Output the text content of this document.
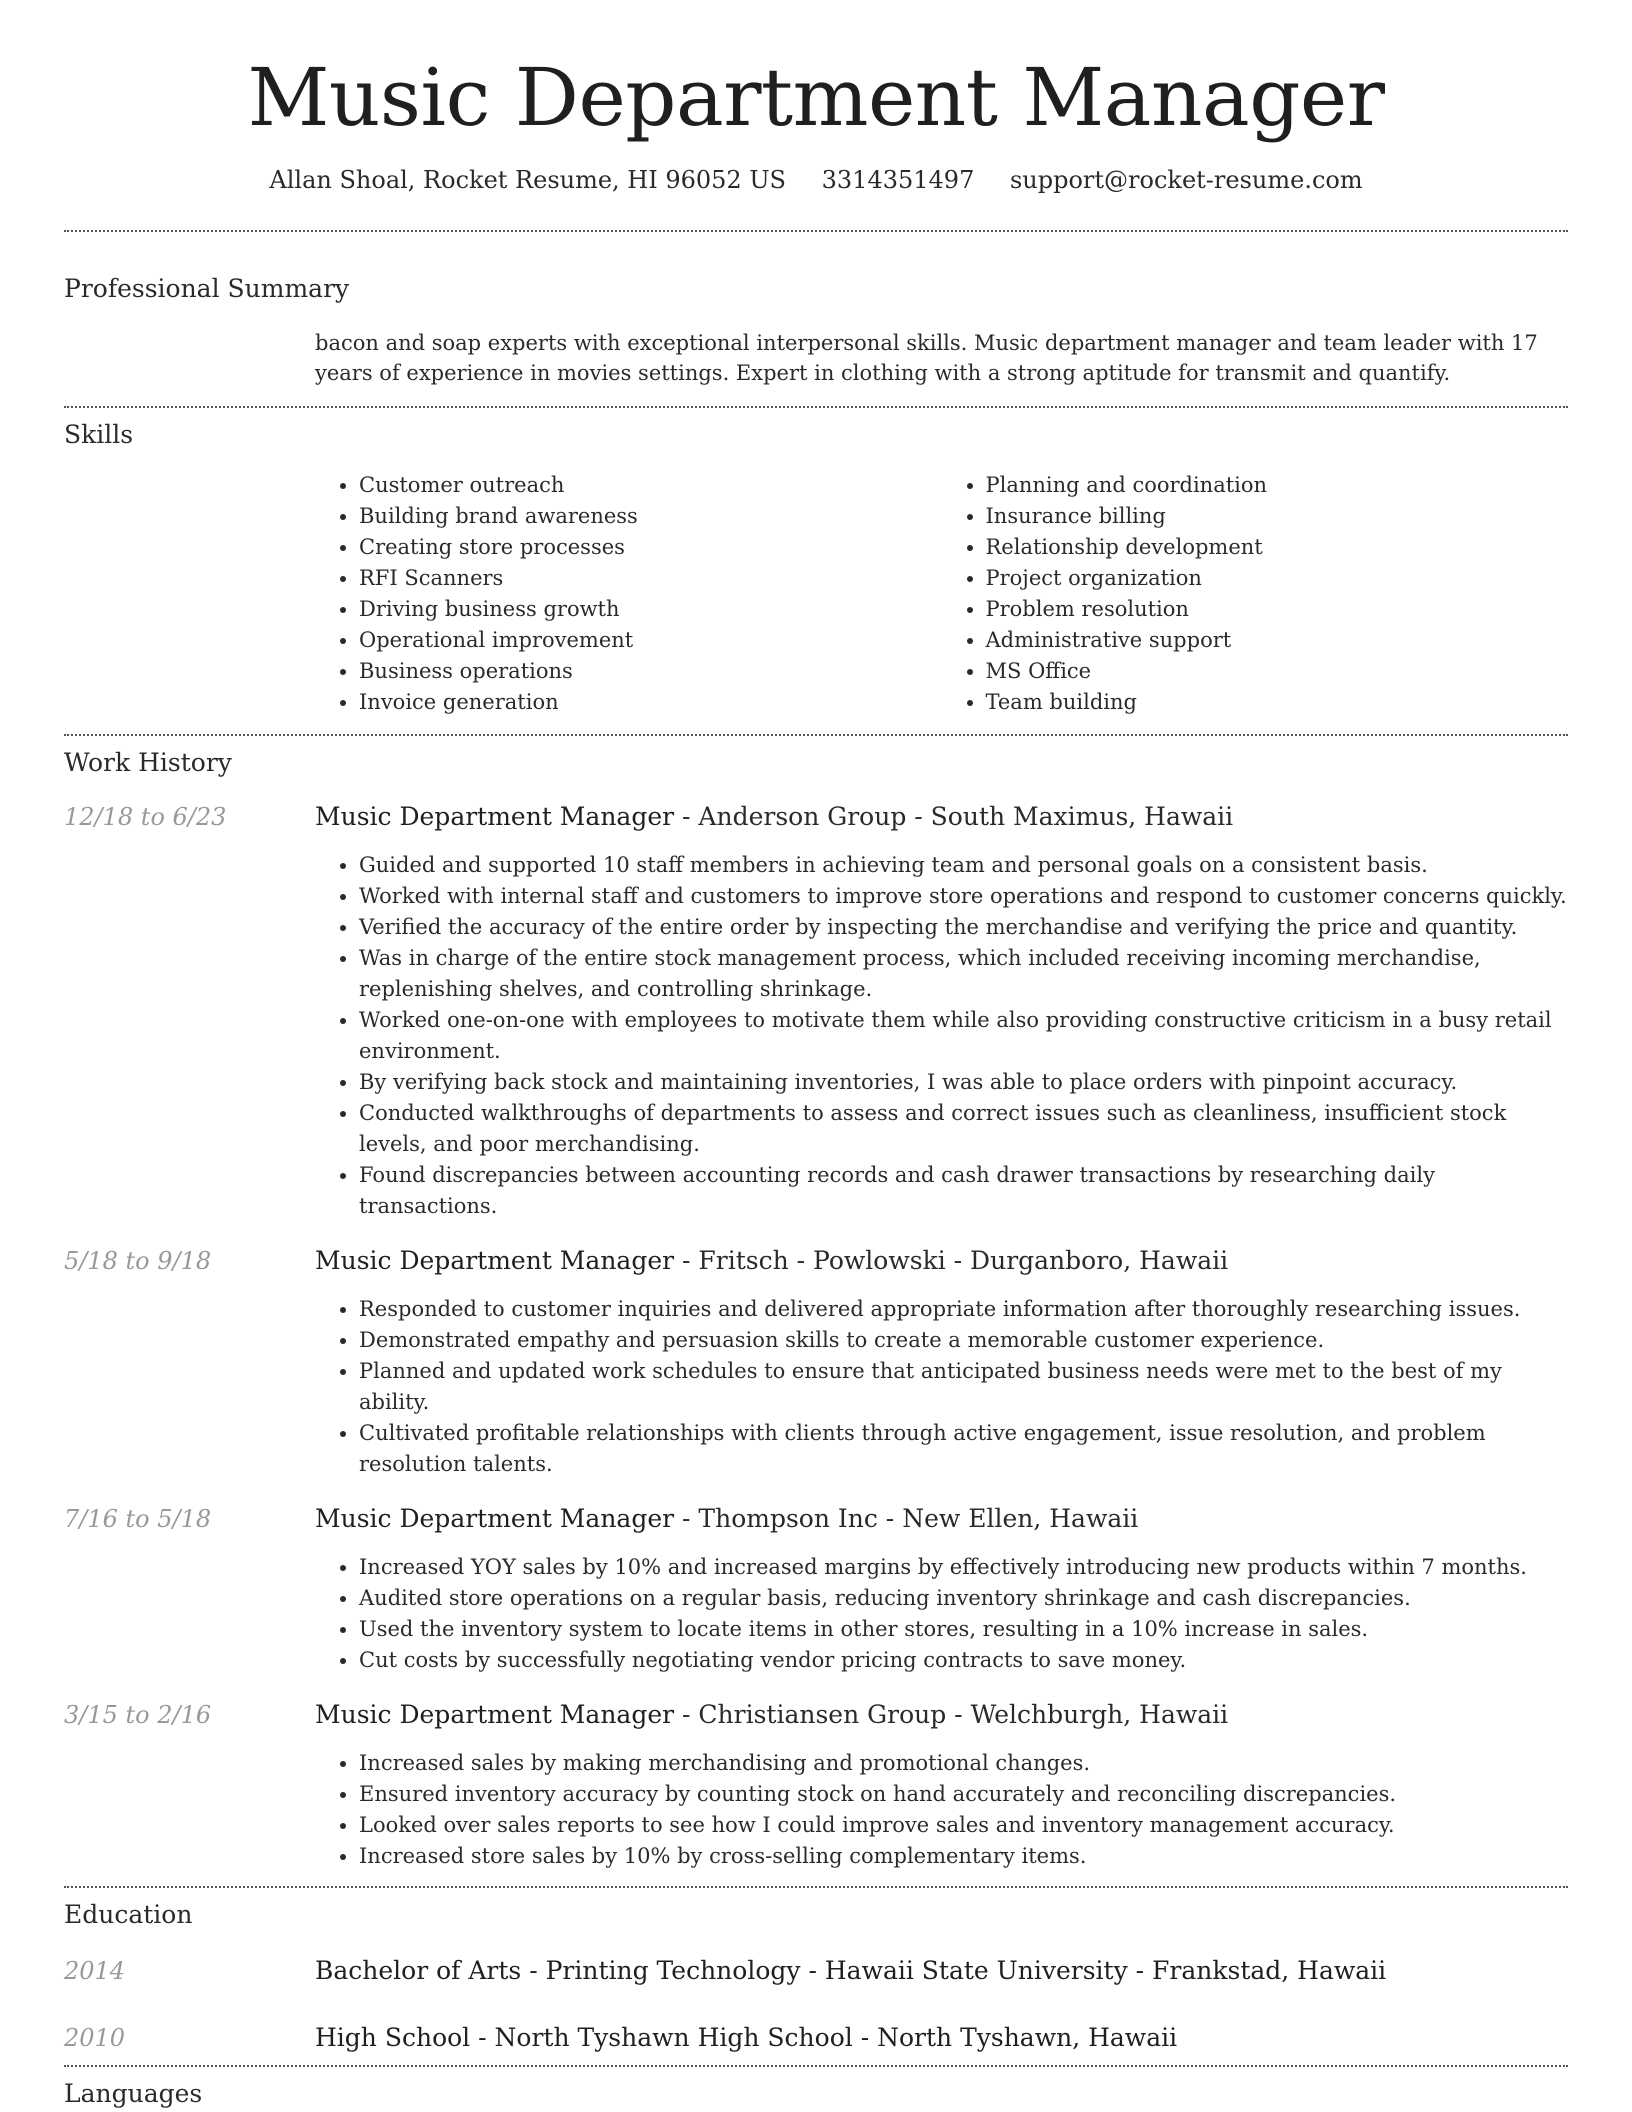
Music Department Manager
Allan Shoal, Rocket Resume, HI 96052 US 3314351497 support@rocket-resume.com
Professional Summary
bacon and soap experts with exceptional interpersonal skills. Music department manager and team leader with 17 years of experience in movies settings. Expert in clothing with a strong aptitude for transmit and quantify.
Skills
• Customer outreach
• Building brand awareness
• Creating store processes
• RFI Scanners
• Driving business growth
• Operational improvement
• Business operations
• Invoice generation
• Planning and coordination
• Insurance billing
• Relationship development
• Project organization
• Problem resolution
• Administrative support
• MS Office
• Team building
Work History
12/18 to 6/23	Music Department Manager - Anderson Group - South Maximus, Hawaii
• Guided and supported 10 staff members in achieving team and personal goals on a consistent basis.
• Worked with internal staff and customers to improve store operations and respond to customer concerns quickly.
• Verified the accuracy of the entire order by inspecting the merchandise and verifying the price and quantity.
• Was in charge of the entire stock management process, which included receiving incoming merchandise, replenishing shelves, and controlling shrinkage.
• Worked one-on-one with employees to motivate them while also providing constructive criticism in a busy retail environment.
• By verifying back stock and maintaining inventories, I was able to place orders with pinpoint accuracy.
• Conducted walkthroughs of departments to assess and correct issues such as cleanliness, insufficient stock levels, and poor merchandising.
• Found discrepancies between accounting records and cash drawer transactions by researching daily transactions.
5/18 to 9/18	Music Department Manager - Fritsch - Powlowski - Durganboro, Hawaii
• Responded to customer inquiries and delivered appropriate information after thoroughly researching issues.
• Demonstrated empathy and persuasion skills to create a memorable customer experience.
• Planned and updated work schedules to ensure that anticipated business needs were met to the best of my ability.
• Cultivated profitable relationships with clients through active engagement, issue resolution, and problem resolution talents.
7/16 to 5/18	Music Department Manager - Thompson Inc - New Ellen, Hawaii
• Increased YOY sales by 10% and increased margins by effectively introducing new products within 7 months.
• Audited store operations on a regular basis, reducing inventory shrinkage and cash discrepancies.
• Used the inventory system to locate items in other stores, resulting in a 10% increase in sales.
• Cut costs by successfully negotiating vendor pricing contracts to save money.
3/15 to 2/16	Music Department Manager - Christiansen Group - Welchburgh, Hawaii
• Increased sales by making merchandising and promotional changes.
• Ensured inventory accuracy by counting stock on hand accurately and reconciling discrepancies.
• Looked over sales reports to see how I could improve sales and inventory management accuracy.
• Increased store sales by 10% by cross-selling complementary items.
Education
2014	Bachelor of Arts - Printing Technology - Hawaii State University - Frankstad, Hawaii
2010	High School - North Tyshawn High School - North Tyshawn, Hawaii
Languages
